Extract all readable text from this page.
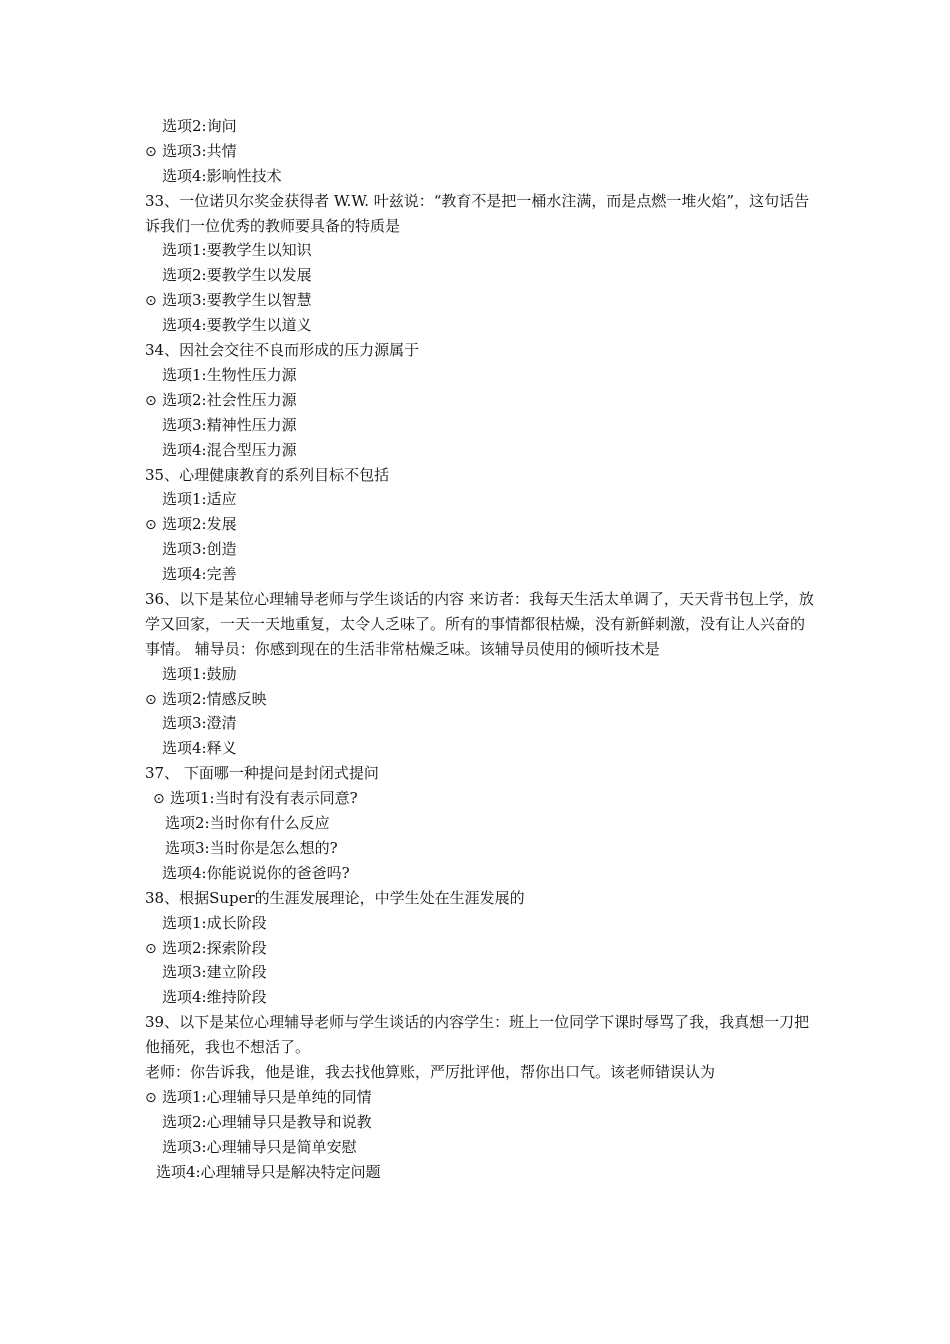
选项2:询问
⊙ 选项3:共情
选项4:影响性技术
33、一位诺贝尔奖金获得者 W.W. 叶兹说：“教育不是把一桶水注满，而是点燃一堆火焰”，这句话告诉我们一位优秀的教师要具备的特质是
选项1:要教学生以知识
选项2:要教学生以发展
⊙ 选项3:要教学生以智慧
选项4:要教学生以道义
34、因社会交往不良而形成的压力源属于
选项1:生物性压力源
⊙ 选项2:社会性压力源
选项3:精神性压力源
选项4:混合型压力源
35、心理健康教育的系列目标不包括
选项1:适应
⊙ 选项2:发展
选项3:创造
选项4:完善
36、以下是某位心理辅导老师与学生谈话的内容 来访者：我每天生活太单调了，天天背书包上学，放学又回家，一天一天地重复，太令人乏味了。所有的事情都很枯燥，没有新鲜刺激，没有让人兴奋的事情。 辅导员：你感到现在的生活非常枯燥乏味。该辅导员使用的倾听技术是
选项1:鼓励
⊙ 选项2:情感反映
选项3:澄清
选项4:释义
37、 下面哪一种提问是封闭式提问
⊙ 选项1:当时有没有表示同意?
选项2:当时你有什么反应
选项3:当时你是怎么想的?
选项4:你能说说你的爸爸吗?
38、根据Super的生涯发展理论，中学生处在生涯发展的
选项1:成长阶段
⊙ 选项2:探索阶段
选项3:建立阶段
选项4:维持阶段
39、以下是某位心理辅导老师与学生谈话的内容学生：班上一位同学下课时辱骂了我，我真想一刀把他捅死，我也不想活了。
老师：你告诉我，他是谁，我去找他算账，严厉批评他，帮你出口气。该老师错误认为
⊙ 选项1:心理辅导只是单纯的同情
选项2:心理辅导只是教导和说教
选项3:心理辅导只是简单安慰
选项4:心理辅导只是解决特定问题
